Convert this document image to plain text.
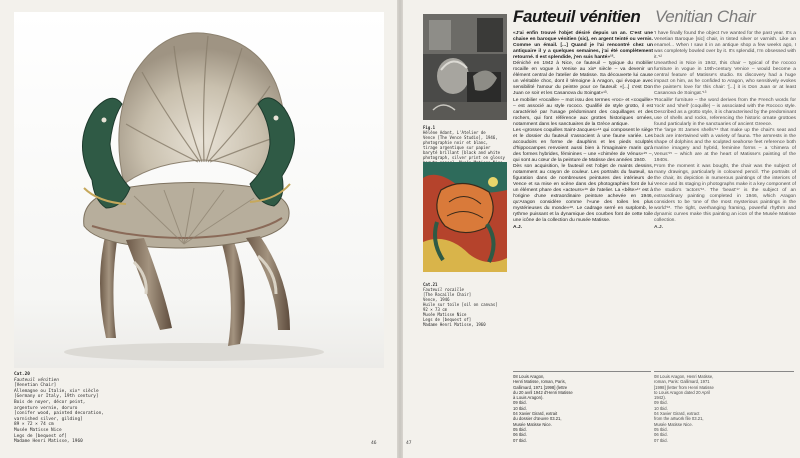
Cat.20
Fauteuil vénitien
[Venetian Chair]
Allemagne ou Italie, xixᵉ siècle
[Germany or Italy, 19th century]
Bois de noyer, décor peint,
argenture vernie, doruro
[conifer wood, painted decoration,
varnished silver, gilding]
89 × 72 × 74 cm
Musée Matisse Nice
Legs de [bequest of]
Madame Henri Matisse, 1960	46	47
Fauteuil vénitien Venitian Chair
Fig.1
Hélène Adant, L'Atelier de
Vence [The Vence Studio], 1946,
photographie noir et blanc,
tirage argentique sur papier
baryté brillant [black and white
photograph, silver print on glossy
Cat.21
Fauteuil rocaille
[The Rocaille Chair]
Vence, 1946
Huile sur toile [oil on canvas]
92 × 73 cm
Musée Matisse Nice
Legs de [bequest of]
Madame Henri Matisse, 1960

«J'ai enfin trouvé l'objet désiré depuis un an. C'est une chaise en baroque vénitien (sic), en argent teinté ou vernis. Comme un émail. [...] Quand je l'ai rencontré chez un antiquaire il y a quelques semaines, j'ai été complètement retourné. Il est splendide, j'en suis hanté»¹².

Déniché en 1942 à Nice, ce fauteuil – typique du mobilier rocaille en vogue à Venise au xixᵉ siècle – va devenir un élément central de l'atelier de Matisse. Sa découverte lui cause un véritable choc, dont il témoigne à Aragon, qui évoque avec sensibilité l'amour du peintre pour ce fauteuil: «[...] c'est Don Juan ce soir et les Casanova du Soingat»¹³.

Le mobilier «rocaille» – mot issu des termes «roc» et «coquille» – est associé au style rococo. Qualifié de style grotto, il est caractérisé par l'usage prédominant des coquillages et des rochers, qui font référence aux grottes historiques ornées, notamment dans les sanctuaires de la Grèce antique.

Les «grosses coquilles Saint-Jacques»¹⁴ qui composent le siège et le dossier du fauteuil s'associent à une faune variée. Les accoudoirs en forme de dauphins et les pieds sculptés d'hippocampes renvoient aussi bien à l'imaginaire marin qu'à des formes hybrides, féminines – une «chimère de Vénus»¹⁵ –, qui sont au cœur de la peinture de Matisse des années 1940.

Dès son acquisition, le fauteuil est l'objet de maints dessins, notamment au crayon de couleur. Les portraits du fauteuil, sa figuration dans de nombreuses peintures des intérieurs de Vence et sa mise en scène dans des photographies font de lui un élément phare des «acteurs»¹⁶ de l'atelier. La «bête»¹⁷ est à l'origine d'une extraordinaire peinture achevée en 1946, qu'Aragon considère comme l'«une des toiles les plus mystérieuses du monde»¹⁸. Le cadrage serré en surplomb, le rythme puissant et la dynamique des courbes font de cette toile une icône de la collection du musée Matisse.

A.J.

'I have finally found the object I've wanted for the past year. It's a Venetian Baroque [sic] chair, in tinted silver or varnish. Like an enamel... When I saw it in an antique shop a few weeks ago, I was completely bowled over by it. It's splendid, I'm obsessed with it.'¹²

Unearthed in Nice in 1942, this chair – typical of the rococo furniture in vogue in 19th-century Venice – would become a central feature of Matisse's studio. Its discovery had a huge impact on him, as he confided to Aragon, who sensitively evokes the painter's love for this chair: '[...] it is Don Juan or at least Casanova de Soingat.'¹³

'Rocaille' furniture – the word derives from the French words for 'rock' and 'shell' (coquille) – is associated with the Rococo style. Described as a grotto style, it is characterised by the predominant use of shells and rocks, referencing the historic ornate grottoes found particularly in the sanctuaries of ancient Greece.

The 'large St James shells'¹⁴ that make up the chair's seat and back are intertwined with a variety of fauna. The armrests in the shape of dolphins and the sculpted seahorse feet reference both marine imagery and hybrid, feminine forms – a 'chimera of Venus'¹⁵ – which are at the heart of Matisse's painting of the 1940s.

From the moment it was bought, the chair was the subject of many drawings, particularly in coloured pencil. The portraits of the chair, its depiction in numerous paintings of the interiors of Vence and its staging in photographs make it a key component of the studio's 'actors'¹⁶. The 'beast'¹⁷ is the subject of an extraordinary painting completed in 1946, which Aragon considers to be 'one of the most mysterious paintings in the world'¹⁸. The tight, overhanging framing, powerful rhythm and dynamic curves make this painting an icon of the Musée Matisse collection.

A.J.

08 Louis Aragon,
Henri Matisse, roman, Paris,
Gallimard, 1971 [1998] (lettre
du 20 avril 1942 d'Henri Matisse
à Louis Aragon).
09 Ibid.
10 Ibid.
04 Xavier Girard, extrait
du dossier d'œuvre 03.21,
Musée Matisse Nice.
05 Ibid.
06 Ibid.
07 Ibid.
08 Louis Aragon, Henri Matisse,
roman, Paris: Gallimard, 1971
[1998] (letter from Henri Matisse
to Louis Aragon dated 20 April
1942).
09 Ibid.
10 Ibid.
04 Xavier Girard, extract
from the artwork file 03.21,
Musée Matisse Nice.
05 Ibid.
06 Ibid.
07 Ibid.
